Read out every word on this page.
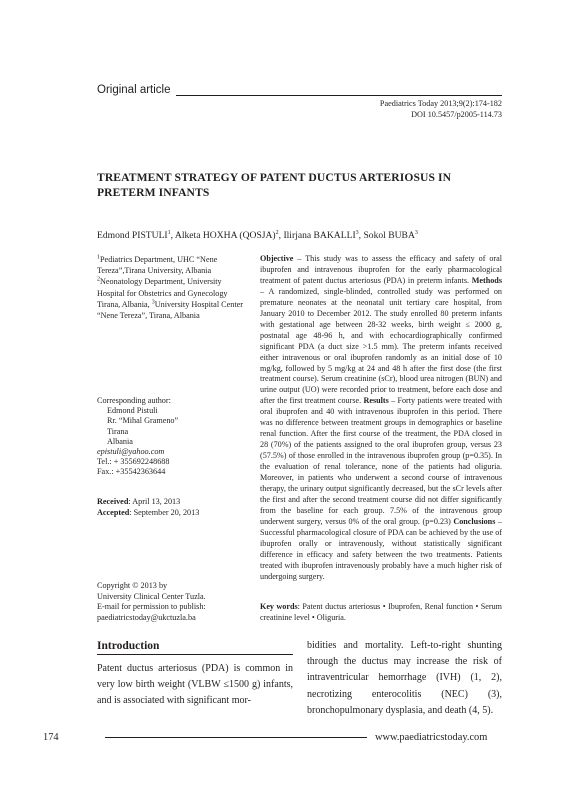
Original article
Paediatrics Today 2013;9(2):174-182
DOI 10.5457/p2005-114.73
TREATMENT STRATEGY OF PATENT DUCTUS ARTERIOSUS IN PRETERM INFANTS
Edmond PISTULI$^1$, Alketa HOXHA (QOSJA)$^2$, Ilirjana BAKALLI$^3$, Sokol BUBA$^3$
$^1$Pediatrics Department, UHC “Nene Tereza”,Tirana University, Albania
$^2$Neonatology Department, University Hospital for Obstetrics and Gynecology Tirana, Albania, $^3$University Hospital Center “Nene Tereza”, Tirana, Albania
Corresponding author:
Edmond Pistuli
Rr. “Mihal Grameno”
Tirana
Albania
epistuli@yahoo.com
Tel.: + 355692248688
Fax.: +35542363644
Received: April 13, 2013
Accepted: September 20, 2013
Copyright © 2013 by
University Clinical Center Tuzla.
E-mail for permission to publish:
paediatricstoday@ukctuzla.ba
Objective – This study was to assess the efficacy and safety of oral ibuprofen and intravenous ibuprofen for the early pharmacological treatment of patent ductus arteriosus (PDA) in preterm infants. Methods – A randomized, single-blinded, controlled study was performed on premature neonates at the neonatal unit tertiary care hospital, from January 2010 to December 2012. The study enrolled 80 preterm infants with gestational age between 28-32 weeks, birth weight ≤ 2000 g, postnatal age 48-96 h, and with echocardiographically confirmed significant PDA (a duct size >1.5 mm). The preterm infants received either intravenous or oral ibuprofen randomly as an initial dose of 10 mg/kg, followed by 5 mg/kg at 24 and 48 h after the first dose (the first treatment course). Serum creatinine (sCr), blood urea nitrogen (BUN) and urine output (UO) were recorded prior to treatment, before each dose and after the first treatment course. Results – Forty patients were treated with oral ibuprofen and 40 with intravenous ibuprofen in this period. There was no difference between treatment groups in demographics or baseline renal function. After the first course of the treatment, the PDA closed in 28 (70%) of the patients assigned to the oral ibuprofen group, versus 23 (57.5%) of those enrolled in the intravenous ibuprofen group (p=0.35). In the evaluation of renal tolerance, none of the patients had oliguria. Moreover, in patients who underwent a second course of intravenous therapy, the urinary output significantly decreased, but the sCr levels after the first and after the second treatment course did not differ significantly from the baseline for each group. 7.5% of the intravenous group underwent surgery, versus 0% of the oral group. (p=0.23) Conclusions – Successful pharmacological closure of PDA can be achieved by the use of ibuprofen orally or intravenously, without statistically significant difference in efficacy and safety between the two treatments. Patients treated with ibuprofen intravenously probably have a much higher risk of undergoing surgery.
Key words: Patent ductus arteriosus • Ibuprofen, Renal function • Serum creatinine level • Oliguria.
Introduction
Patent ductus arteriosus (PDA) is common in very low birth weight (VLBW ≤1500 g) infants, and is associated with significant mor-
bidities and mortality. Left-to-right shunting through the ductus may increase the risk of intraventricular hemorrhage (IVH) (1, 2), necrotizing enterocolitis (NEC) (3), bronchopulmonary dysplasia, and death (4, 5).
174	www.paediatricstoday.com
